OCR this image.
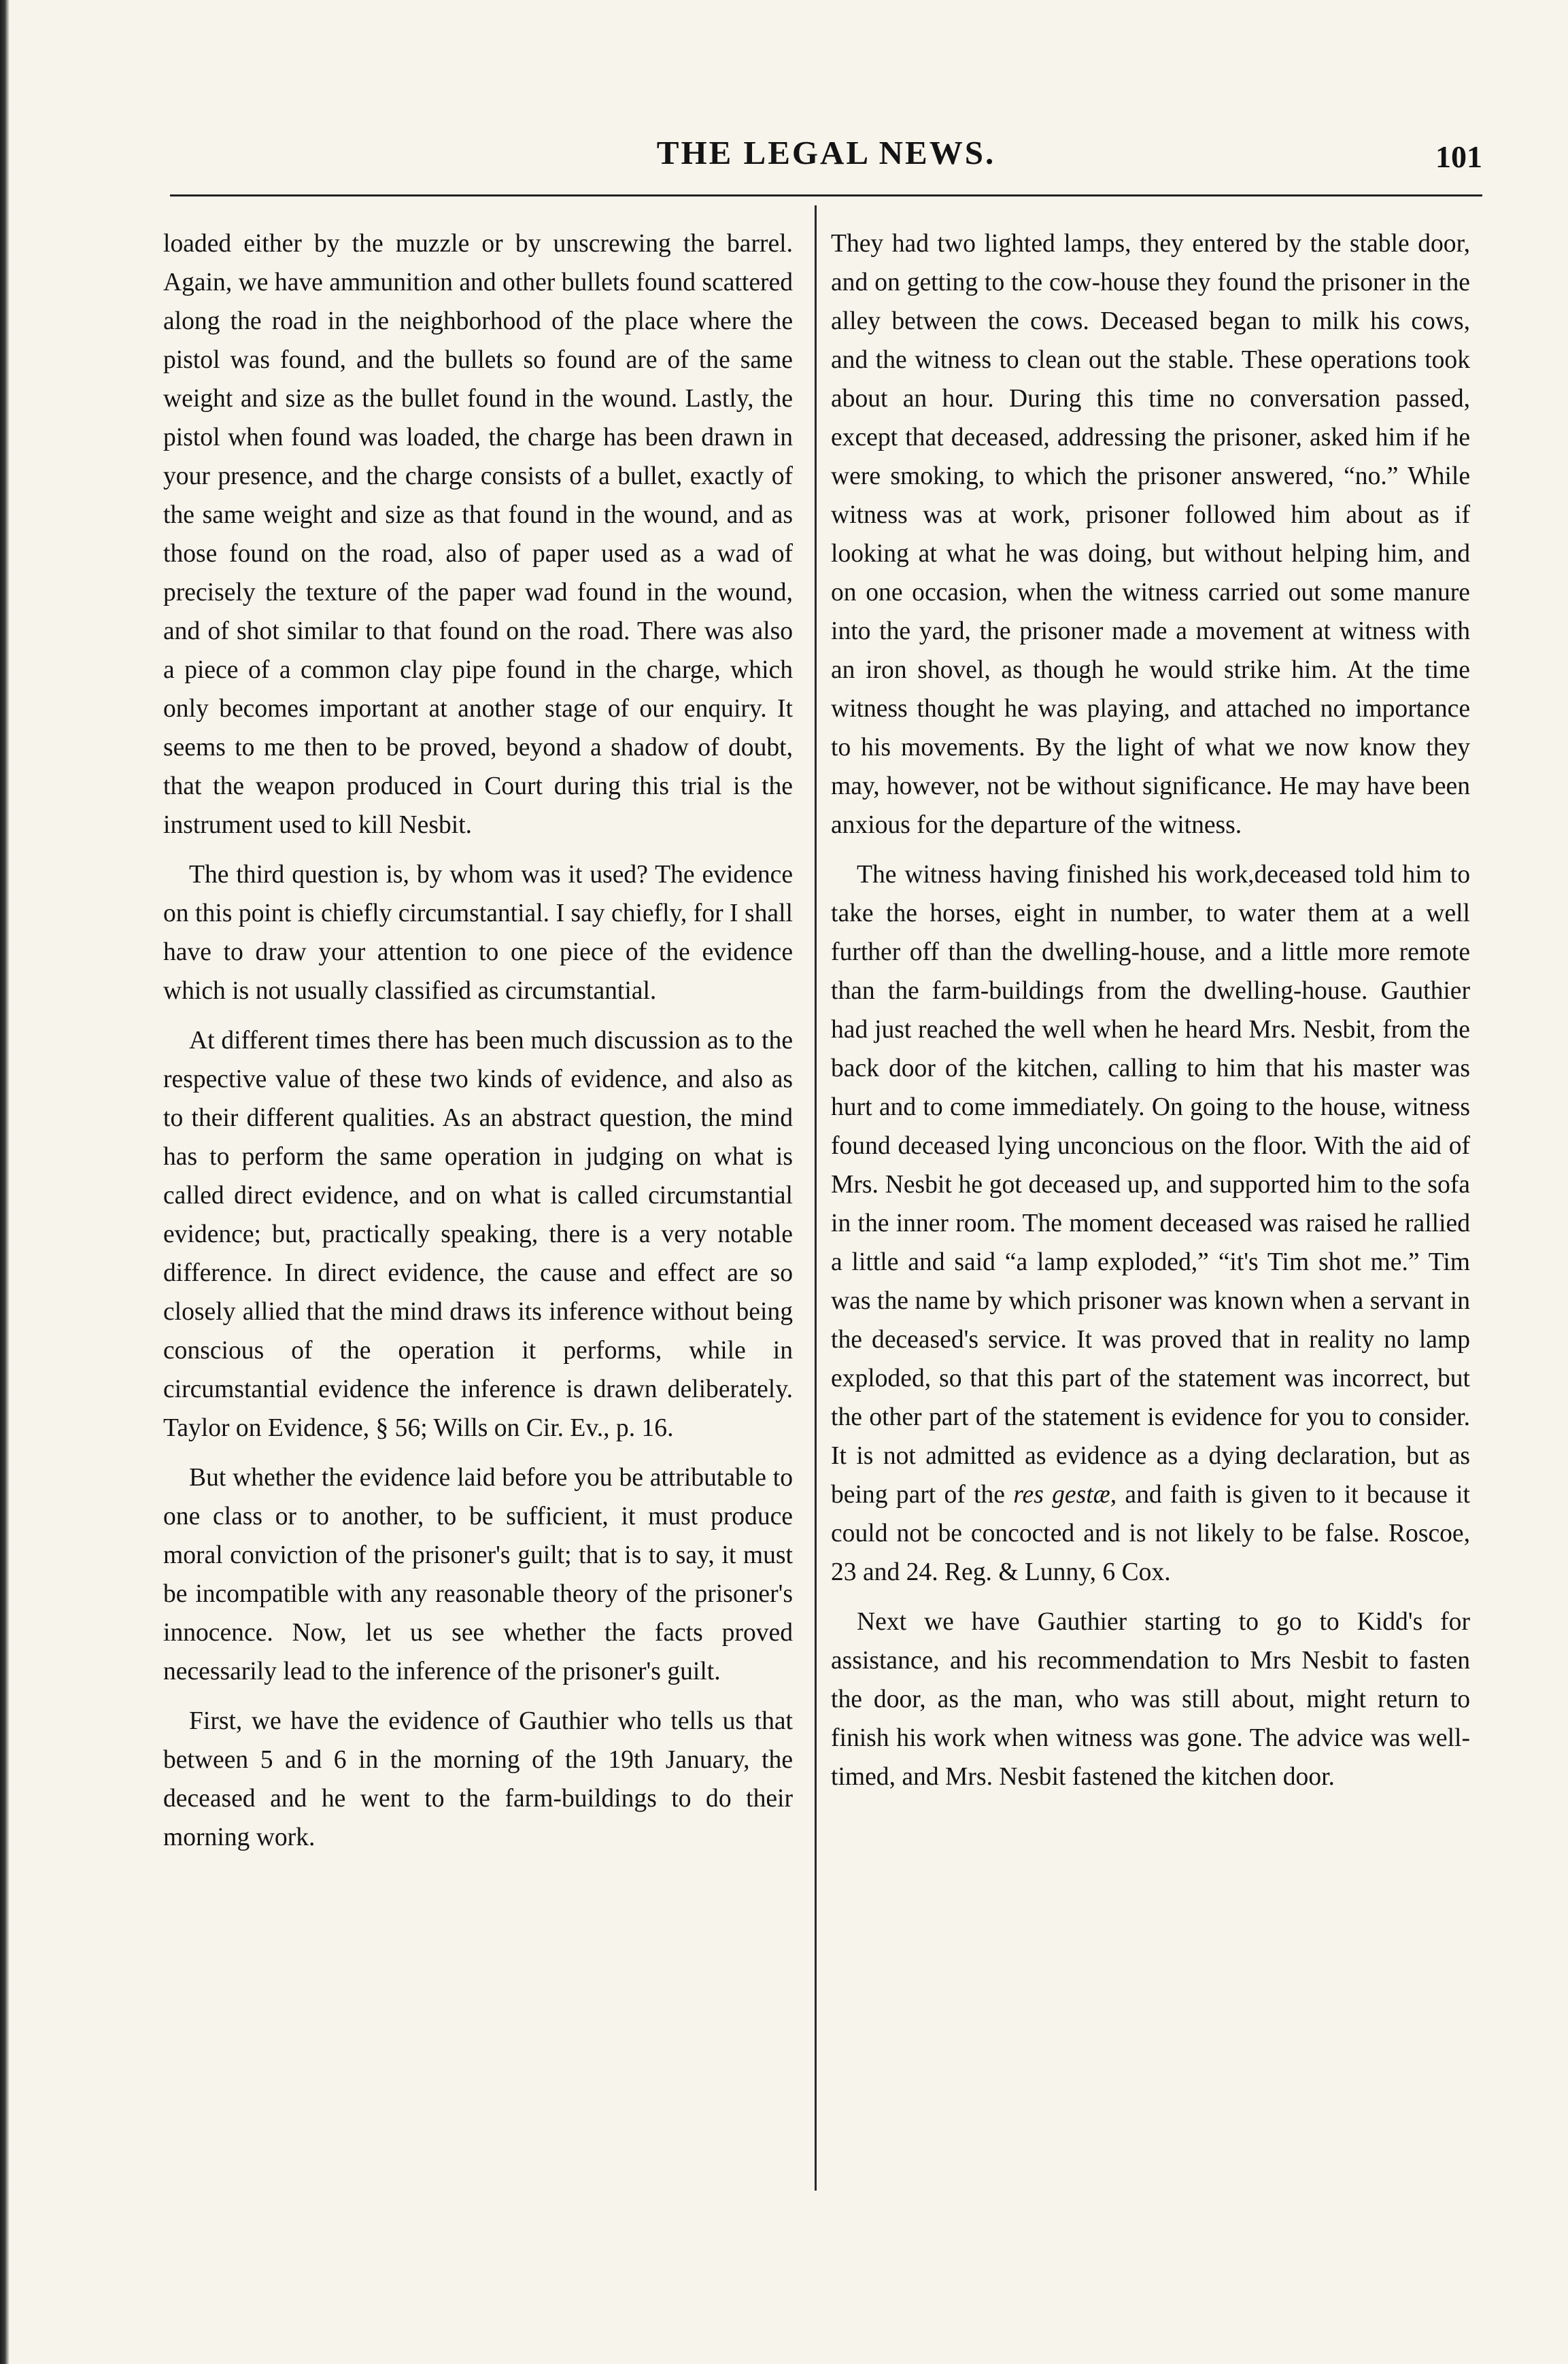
THE LEGAL NEWS.	101

loaded either by the muzzle or by unscrewing the barrel. Again, we have ammunition and other bullets found scattered along the road in the neighborhood of the place where the pistol was found, and the bullets so found are of the same weight and size as the bullet found in the wound. Lastly, the pistol when found was loaded, the charge has been drawn in your presence, and the charge consists of a bullet, exactly of the same weight and size as that found in the wound, and as those found on the road, also of paper used as a wad of precisely the texture of the paper wad found in the wound, and of shot similar to that found on the road. There was also a piece of a common clay pipe found in the charge, which only becomes important at another stage of our enquiry. It seems to me then to be proved, beyond a shadow of doubt, that the weapon produced in Court during this trial is the instrument used to kill Nesbit.

The third question is, by whom was it used? The evidence on this point is chiefly circumstantial. I say chiefly, for I shall have to draw your attention to one piece of the evidence which is not usually classified as circumstantial.

At different times there has been much discussion as to the respective value of these two kinds of evidence, and also as to their different qualities. As an abstract question, the mind has to perform the same operation in judging on what is called direct evidence, and on what is called circumstantial evidence; but, practically speaking, there is a very notable difference. In direct evidence, the cause and effect are so closely allied that the mind draws its inference without being conscious of the operation it performs, while in circumstantial evidence the inference is drawn deliberately. Taylor on Evidence, § 56; Wills on Cir. Ev., p. 16.

But whether the evidence laid before you be attributable to one class or to another, to be sufficient, it must produce moral conviction of the prisoner's guilt; that is to say, it must be incompatible with any reasonable theory of the prisoner's innocence. Now, let us see whether the facts proved necessarily lead to the inference of the prisoner's guilt.

First, we have the evidence of Gauthier who tells us that between 5 and 6 in the morning of the 19th January, the deceased and he went to the farm-buildings to do their morning work.

They had two lighted lamps, they entered by the stable door, and on getting to the cow-house they found the prisoner in the alley between the cows. Deceased began to milk his cows, and the witness to clean out the stable. These operations took about an hour. During this time no conversation passed, except that deceased, addressing the prisoner, asked him if he were smoking, to which the prisoner answered, “no.” While witness was at work, prisoner followed him about as if looking at what he was doing, but without helping him, and on one occasion, when the witness carried out some manure into the yard, the prisoner made a movement at witness with an iron shovel, as though he would strike him. At the time witness thought he was playing, and attached no importance to his movements. By the light of what we now know they may, however, not be without significance. He may have been anxious for the departure of the witness.

The witness having finished his work,deceased told him to take the horses, eight in number, to water them at a well further off than the dwelling-house, and a little more remote than the farm-buildings from the dwelling-house. Gauthier had just reached the well when he heard Mrs. Nesbit, from the back door of the kitchen, calling to him that his master was hurt and to come immediately. On going to the house, witness found deceased lying unconcious on the floor. With the aid of Mrs. Nesbit he got deceased up, and supported him to the sofa in the inner room. The moment deceased was raised he rallied a little and said “a lamp exploded,” “it's Tim shot me.” Tim was the name by which prisoner was known when a servant in the deceased's service. It was proved that in reality no lamp exploded, so that this part of the statement was incorrect, but the other part of the statement is evidence for you to consider. It is not admitted as evidence as a dying declaration, but as being part of the res gestæ, and faith is given to it because it could not be concocted and is not likely to be false. Roscoe, 23 and 24. Reg. & Lunny, 6 Cox.

Next we have Gauthier starting to go to Kidd's for assistance, and his recommendation to Mrs Nesbit to fasten the door, as the man, who was still about, might return to finish his work when witness was gone. The advice was well-timed, and Mrs. Nesbit fastened the kitchen door.
